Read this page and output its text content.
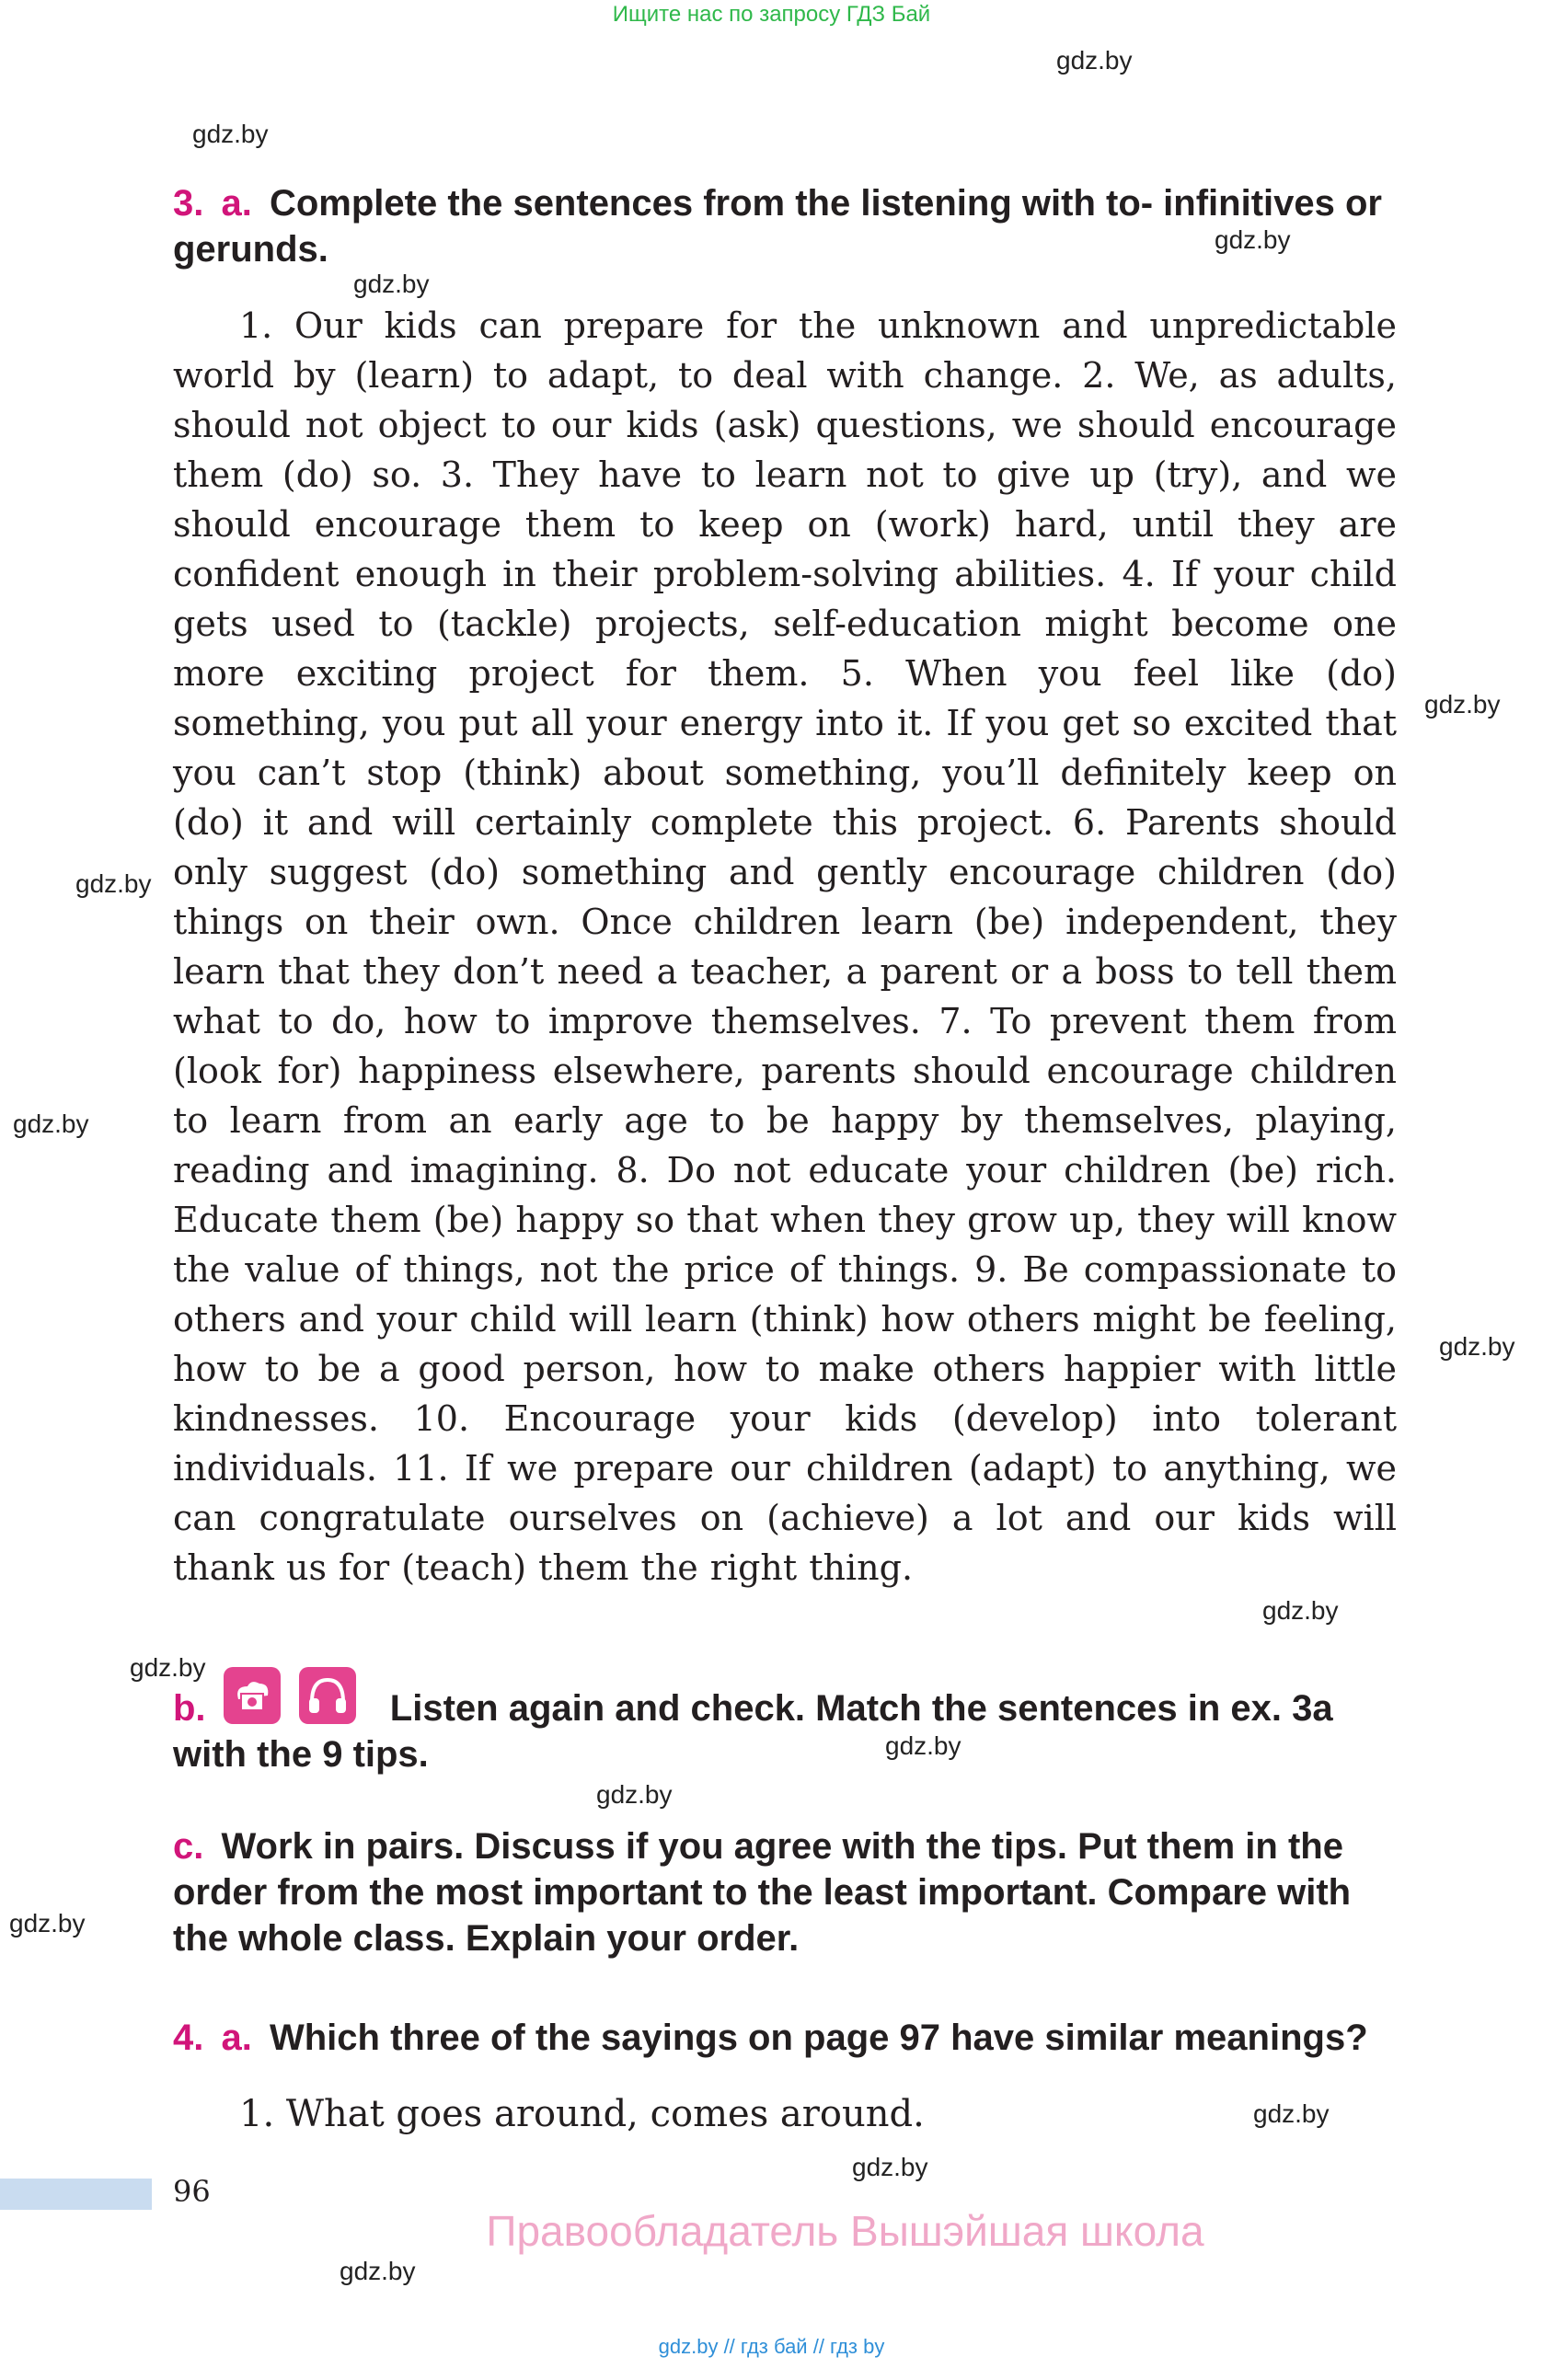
Ищите нас по запросу ГДЗ Бай
gdz.by
gdz.by
gdz.by
gdz.by
gdz.by
gdz.by
gdz.by
gdz.by
gdz.by
gdz.by
gdz.by
gdz.by
gdz.by
gdz.by
gdz.by
gdz.by
3. a. Complete the sentences from the listening with to- infinitives or gerunds.
1. Our kids can prepare for the unknown and unpredictable world by (learn) to adapt, to deal with change. 2. We, as adults, should not object to our kids (ask) questions, we should encourage them (do) so. 3. They have to learn not to give up (try), and we should encourage them to keep on (work) hard, until they are confident enough in their problem-solving abilities. 4. If your child gets used to (tackle) projects, self-education might become one more exciting project for them. 5. When you feel like (do) something, you put all your energy into it. If you get so excited that you can’t stop (think) about something, you’ll definitely keep on (do) it and will certainly complete this project. 6. Parents should only suggest (do) something and gently encourage children (do) things on their own. Once children learn (be) independent, they learn that they don’t need a teacher, a parent or a boss to tell them what to do, how to improve themselves. 7. To prevent them from (look for) happiness elsewhere, parents should encourage children to learn from an early age to be happy by themselves, playing, reading and imagining. 8. Do not educate your children (be) rich. Educate them (be) happy so that when they grow up, they will know the value of things, not the price of things. 9. Be compassionate to others and your child will learn (think) how others might be feeling, how to be a good person, how to make others happier with little kindnesses. 10. Encourage your kids (develop) into tolerant individuals. 11. If we prepare our children (adapt) to anything, we can congratulate ourselves on (achieve) a lot and our kids will thank us for (teach) them the right thing.
b.	Listen again and check. Match the sentences in ex. 3a with the 9 tips.
c. Work in pairs. Discuss if you agree with the tips. Put them in the order from the most important to the least important. Compare with the whole class. Explain your order.
4. a. Which three of the sayings on page 97 have similar meanings?
1. What goes around, comes around.
96
Правообладатель Вышэйшая школа
gdz.by // гдз бай // гдз by
